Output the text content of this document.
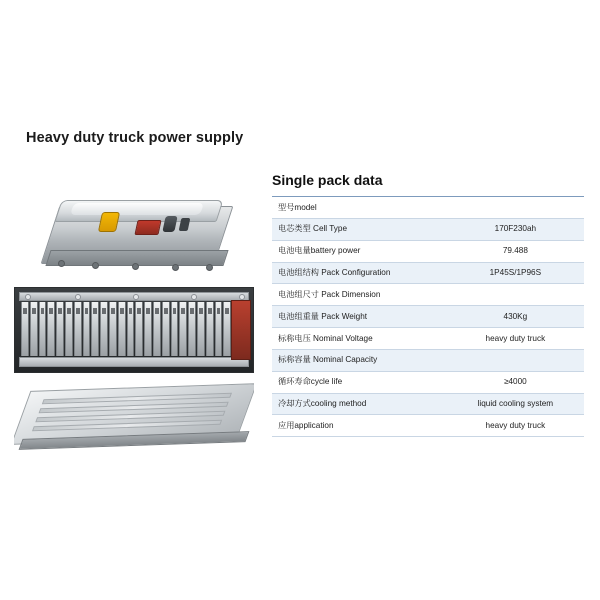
Heavy duty truck power supply
Single pack data
型号model	
电芯类型 Cell Type	170F230ah
电池电量battery power	79.488
电池组结构 Pack Configuration	1P45S/1P96S
电池组尺寸 Pack Dimension	
电池组重量 Pack Weight	430Kg
标称电压 Nominal Voltage	heavy duty truck
标称容量 Nominal Capacity	
循环寿命cycle life	≥4000
冷却方式cooling method	liquid cooling system
应用application	heavy duty truck
